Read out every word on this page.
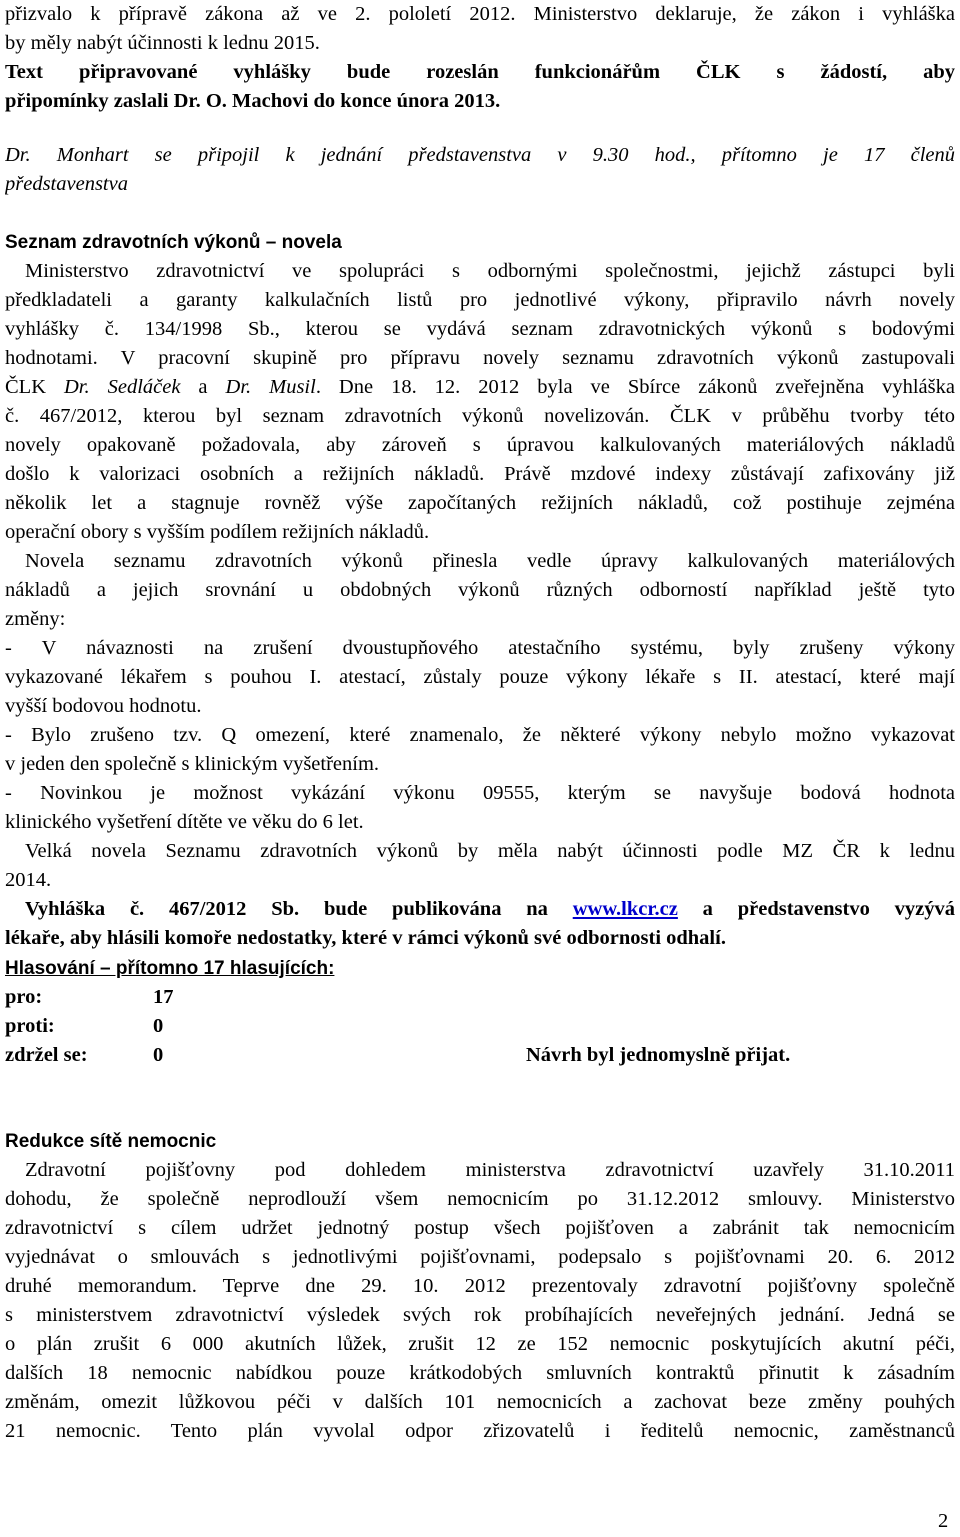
přizvalo k přípravě zákona až ve 2. pololetí 2012. Ministerstvo deklaruje, že zákon i vyhláška
by měly nabýt účinnosti k lednu 2015.
Text připravované vyhlášky bude rozeslán funkcionářům ČLK s žádostí, aby
připomínky zaslali Dr. O. Machovi do konce února 2013.
Dr. Monhart se připojil k jednání představenstva v 9.30 hod., přítomno je 17 členů
představenstva
Seznam zdravotních výkonů – novela
Ministerstvo zdravotnictví ve spolupráci s odbornými společnostmi, jejichž zástupci byli
předkladateli a garanty kalkulačních listů pro jednotlivé výkony, připravilo návrh novely
vyhlášky č. 134/1998 Sb., kterou se vydává seznam zdravotnických výkonů s bodovými
hodnotami. V pracovní skupině pro přípravu novely seznamu zdravotních výkonů zastupovali
ČLK Dr. Sedláček a Dr. Musil. Dne 18. 12. 2012 byla ve Sbírce zákonů zveřejněna vyhláška
č. 467/2012, kterou byl seznam zdravotních výkonů novelizován. ČLK v průběhu tvorby této
novely opakovaně požadovala, aby zároveň s úpravou kalkulovaných materiálových nákladů
došlo k valorizaci osobních a režijních nákladů. Právě mzdové indexy zůstávají zafixovány již
několik let a stagnuje rovněž výše započítaných režijních nákladů, což postihuje zejména
operační obory s vyšším podílem režijních nákladů.
Novela seznamu zdravotních výkonů přinesla vedle úpravy kalkulovaných materiálových
nákladů a jejich srovnání u obdobných výkonů různých odborností například ještě tyto
změny:
- V návaznosti na zrušení dvoustupňového atestačního systému, byly zrušeny výkony
vykazované lékařem s pouhou I. atestací, zůstaly pouze výkony lékaře s II. atestací, které mají
vyšší bodovou hodnotu.
- Bylo zrušeno tzv. Q omezení, které znamenalo, že některé výkony nebylo možno vykazovat
v jeden den společně s klinickým vyšetřením.
- Novinkou je možnost vykázání výkonu 09555, kterým se navyšuje bodová hodnota
klinického vyšetření dítěte ve věku do 6 let.
Velká novela Seznamu zdravotních výkonů by měla nabýt účinnosti podle MZ ČR k lednu
2014.
Vyhláška č. 467/2012 Sb. bude publikována na www.lkcr.cz a představenstvo vyzývá
lékaře, aby hlásili komoře nedostatky, které v rámci výkonů své odbornosti odhalí.
Hlasování – přítomno 17 hlasujících:
pro:	17
proti:	0
zdržel se:	0	Návrh byl jednomyslně přijat.
Redukce sítě nemocnic
Zdravotní pojišťovny pod dohledem ministerstva zdravotnictví uzavřely 31.10.2011
dohodu, že společně neprodlouží všem nemocnicím po 31.12.2012 smlouvy. Ministerstvo
zdravotnictví s cílem udržet jednotný postup všech pojišťoven a zabránit tak nemocnicím
vyjednávat o smlouvách s jednotlivými pojišťovnami, podepsalo s pojišťovnami 20. 6. 2012
druhé memorandum. Teprve dne 29. 10. 2012 prezentovaly zdravotní pojišťovny společně
s ministerstvem zdravotnictví výsledek svých rok probíhajících neveřejných jednání. Jedná se
o plán zrušit 6 000 akutních lůžek, zrušit 12 ze 152 nemocnic poskytujících akutní péči,
dalších 18 nemocnic nabídkou pouze krátkodobých smluvních kontraktů přinutit k zásadním
změnám, omezit lůžkovou péči v dalších 101 nemocnicích a zachovat beze změny pouhých
21 nemocnic. Tento plán vyvolal odpor zřizovatelů i ředitelů nemocnic, zaměstnanců
2
